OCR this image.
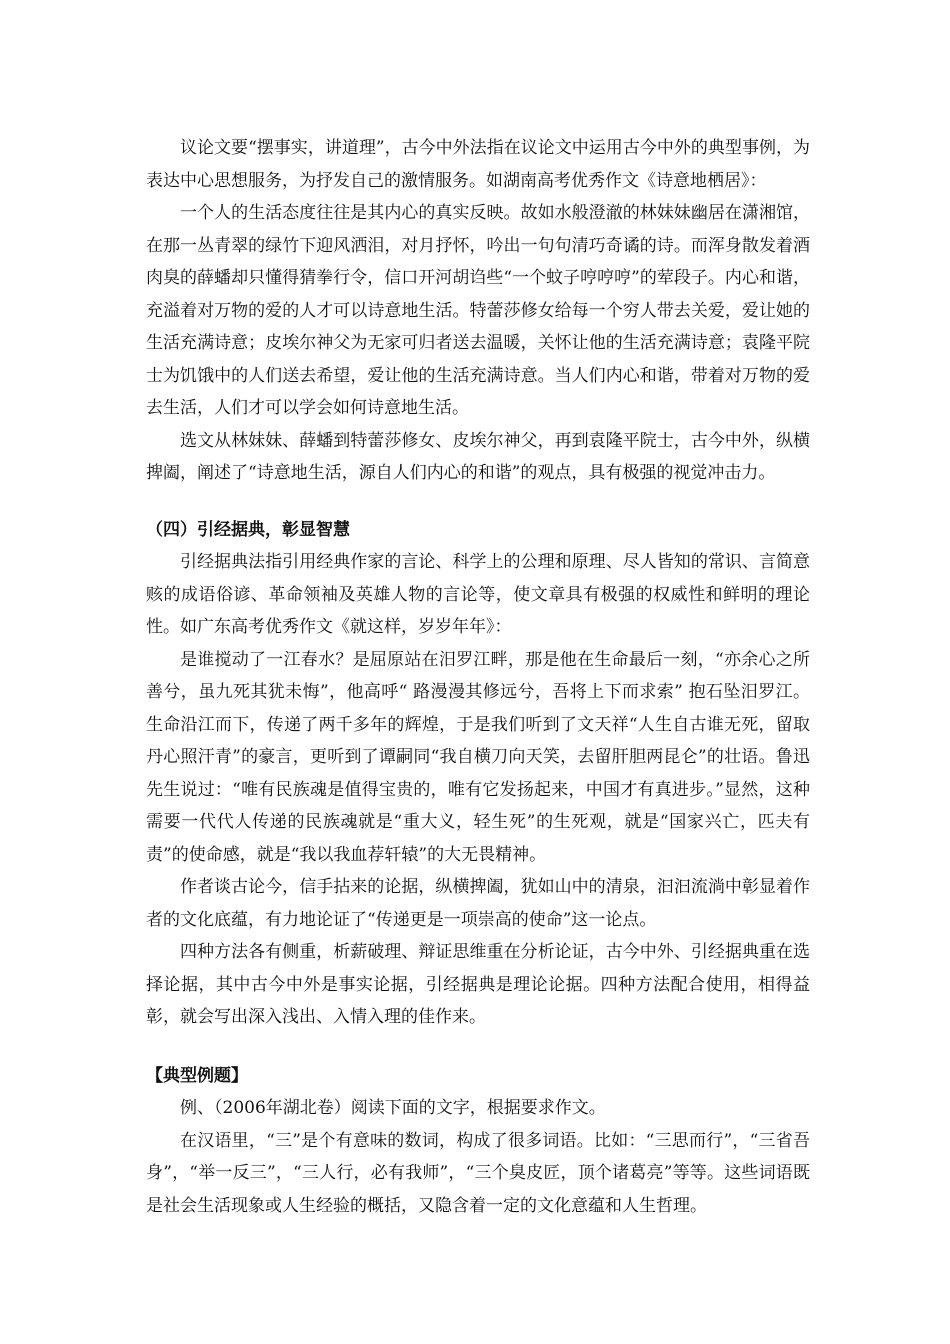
议论文要“摆事实，讲道理”，古今中外法指在议论文中运用古今中外的典型事例，为表达中心思想服务，为抒发自己的激情服务。如湖南高考优秀作文《诗意地栖居》：

一个人的生活态度往往是其内心的真实反映。故如水般澄澈的林妹妹幽居在潇湘馆，在那一丛青翠的绿竹下迎风洒泪，对月抒怀，吟出一句句清巧奇谲的诗。而浑身散发着酒肉臭的薛蟠却只懂得猜拳行令，信口开河胡诌些“一个蚊子哼哼哼”的荤段子。内心和谐，充溢着对万物的爱的人才可以诗意地生活。特蕾莎修女给每一个穷人带去关爱，爱让她的生活充满诗意；皮埃尔神父为无家可归者送去温暖，关怀让他的生活充满诗意；袁隆平院士为饥饿中的人们送去希望，爱让他的生活充满诗意。当人们内心和谐，带着对万物的爱去生活，人们才可以学会如何诗意地生活。

选文从林妹妹、薛蟠到特蕾莎修女、皮埃尔神父，再到袁隆平院士，古今中外，纵横捭阖，阐述了“诗意地生活，源自人们内心的和谐”的观点，具有极强的视觉冲击力。

（四）引经据典，彰显智慧

引经据典法指引用经典作家的言论、科学上的公理和原理、尽人皆知的常识、言简意赅的成语俗谚、革命领袖及英雄人物的言论等，使文章具有极强的权威性和鲜明的理论性。如广东高考优秀作文《就这样，岁岁年年》：

是谁搅动了一江春水？是屈原站在汨罗江畔，那是他在生命最后一刻，“亦余心之所善兮，虽九死其犹未悔”，他高呼“ 路漫漫其修远兮，吾将上下而求索” 抱石坠汨罗江。生命沿江而下，传递了两千多年的辉煌，于是我们听到了文天祥“人生自古谁无死，留取丹心照汗青”的豪言，更听到了谭嗣同“我自横刀向天笑，去留肝胆两昆仑”的壮语。鲁迅先生说过：“唯有民族魂是值得宝贵的，唯有它发扬起来，中国才有真进步。”显然，这种需要一代代人传递的民族魂就是“重大义，轻生死”的生死观，就是“国家兴亡，匹夫有责”的使命感，就是“我以我血荐轩辕”的大无畏精神。

作者谈古论今，信手拈来的论据，纵横捭阖，犹如山中的清泉，汩汩流淌中彰显着作者的文化底蕴，有力地论证了“传递更是一项崇高的使命”这一论点。

四种方法各有侧重，析薪破理、辩证思维重在分析论证，古今中外、引经据典重在选择论据，其中古今中外是事实论据，引经据典是理论论据。四种方法配合使用，相得益彰，就会写出深入浅出、入情入理的佳作来。

【典型例题】

例、（2006年湖北卷）阅读下面的文字，根据要求作文。

在汉语里，“三”是个有意味的数词，构成了很多词语。比如：“三思而行”，“三省吾身”，“举一反三”，“三人行，必有我师”，“三个臭皮匠，顶个诸葛亮”等等。这些词语既是社会生活现象或人生经验的概括，又隐含着一定的文化意蕴和人生哲理。
